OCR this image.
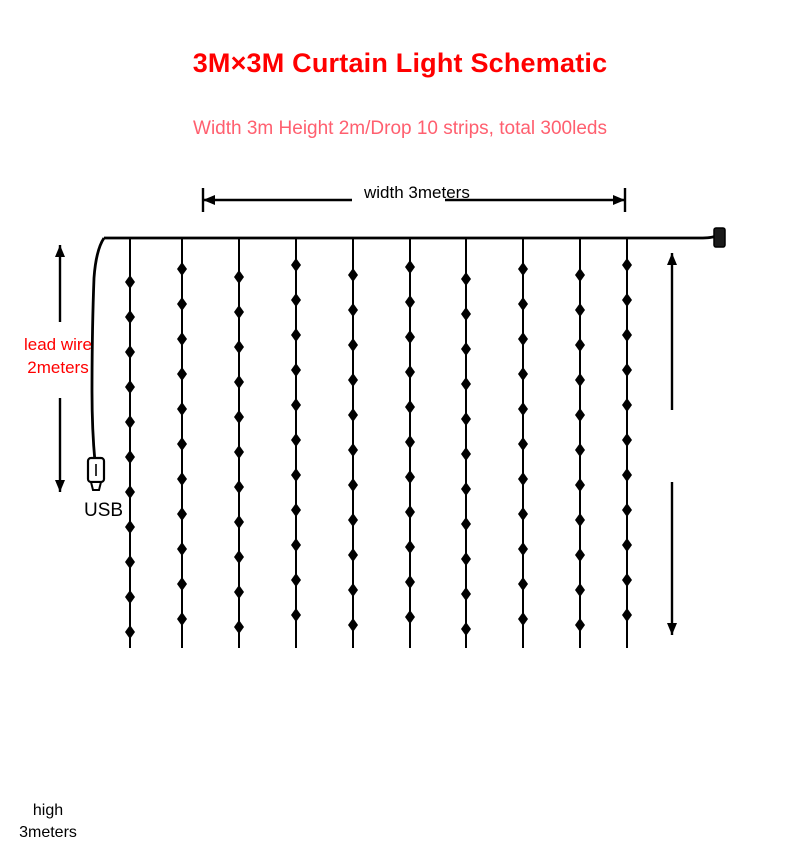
3M×3M Curtain Light Schematic
Width 3m Height 2m/Drop 10 strips, total 300leds
width 3meters
high
3meters
lead wire
2meters
USB
